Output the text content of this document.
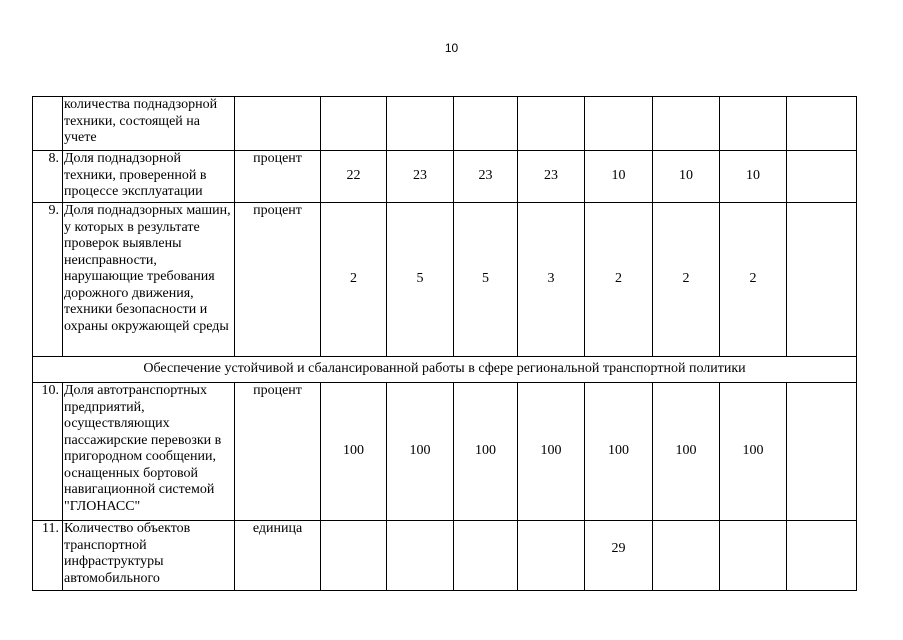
10
	количества поднадзорной техники, состоящей на учете									
8.	Доля поднадзорной техники, проверенной в процессе эксплуатации	процент	22	23	23	23	10	10	10	
9.	Доля поднадзорных машин, у которых в результате проверок выявлены неисправности, нарушающие требования дорожного движения, техники безопасности и охраны окружающей среды	процент	2	5	5	3	2	2	2	
Обеспечение устойчивой и сбалансированной работы в сфере региональной транспортной политики										
10.	Доля автотранспортных предприятий, осуществляющих пассажирские перевозки в пригородном сообщении, оснащенных бортовой навигационной системой "ГЛОНАСС"	процент	100	100	100	100	100	100	100	
11.	Количество объектов транспортной инфраструктуры автомобильного	единица					29			
